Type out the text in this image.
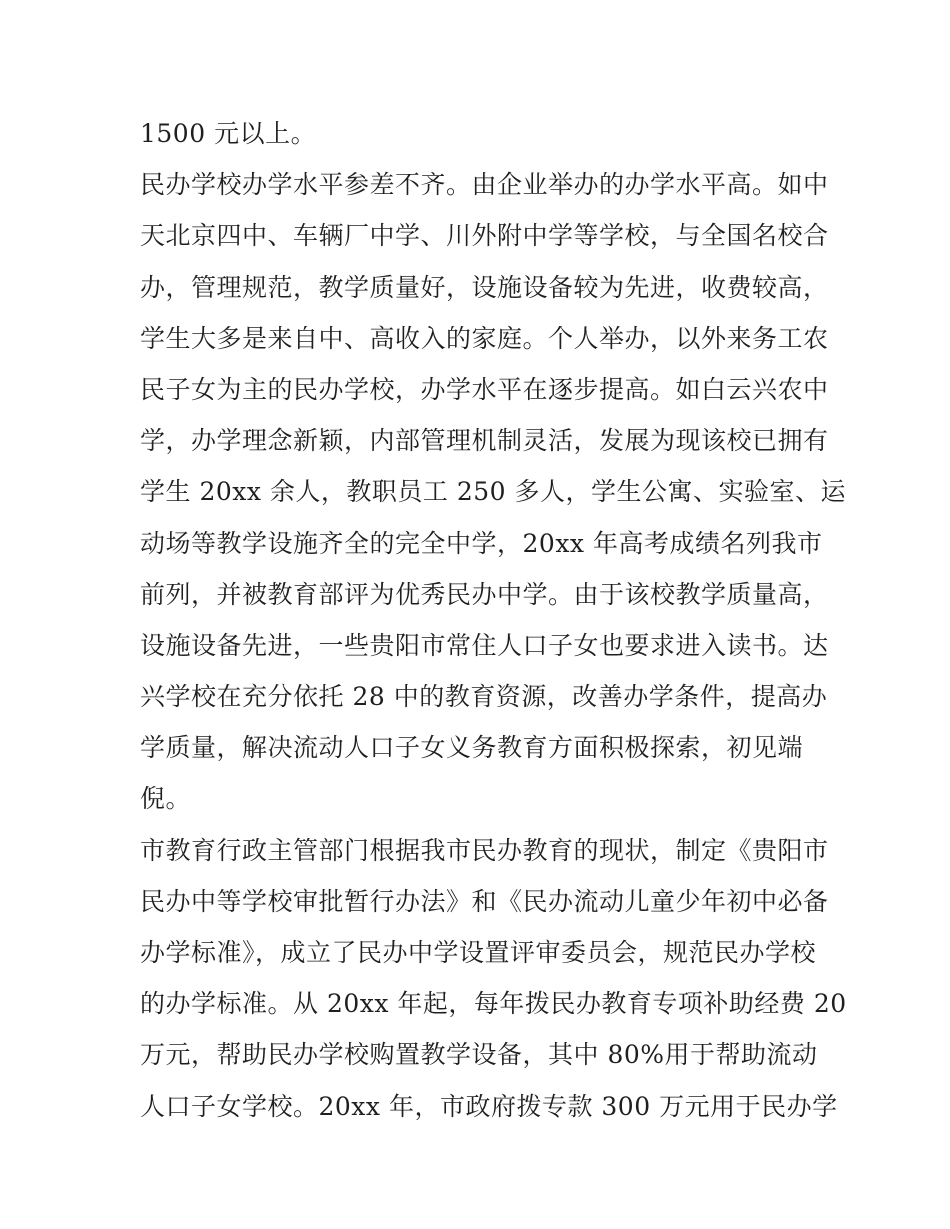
1500 元以上。
民办学校办学水平参差不齐。由企业举办的办学水平高。如中
天北京四中、车辆厂中学、川外附中学等学校，与全国名校合
办，管理规范，教学质量好，设施设备较为先进，收费较高，
学生大多是来自中、高收入的家庭。个人举办，以外来务工农
民子女为主的民办学校，办学水平在逐步提高。如白云兴农中
学，办学理念新颖，内部管理机制灵活，发展为现该校已拥有
学生 20xx 余人，教职员工 250 多人，学生公寓、实验室、运
动场等教学设施齐全的完全中学，20xx 年高考成绩名列我市
前列，并被教育部评为优秀民办中学。由于该校教学质量高，
设施设备先进，一些贵阳市常住人口子女也要求进入读书。达
兴学校在充分依托 28 中的教育资源，改善办学条件，提高办
学质量，解决流动人口子女义务教育方面积极探索，初见端
倪。
市教育行政主管部门根据我市民办教育的现状，制定《贵阳市
民办中等学校审批暂行办法》和《民办流动儿童少年初中必备
办学标准》，成立了民办中学设置评审委员会，规范民办学校
的办学标准。从 20xx 年起，每年拨民办教育专项补助经费 20
万元，帮助民办学校购置教学设备，其中 80%用于帮助流动
人口子女学校。20xx 年，市政府拨专款 300 万元用于民办学
